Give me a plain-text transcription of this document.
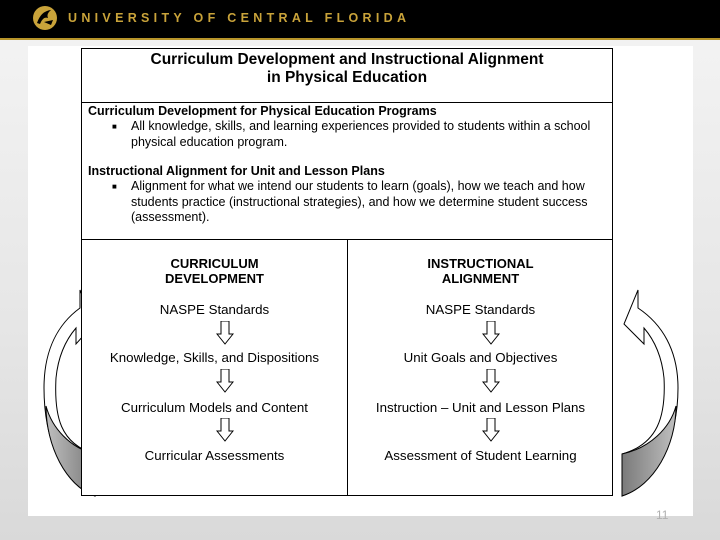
UNIVERSITY OF CENTRAL FLORIDA
Curriculum Development and Instructional Alignment
in Physical Education
Curriculum Development for Physical Education Programs
■ All knowledge, skills, and learning experiences provided to students within a school physical education program.
Instructional Alignment for Unit and Lesson Plans
■ Alignment for what we intend our students to learn (goals), how we teach and how students practice (instructional strategies), and how we determine student success (assessment).
CURRICULUM
DEVELOPMENT
NASPE Standards
Knowledge, Skills, and Dispositions
Curriculum Models and Content
Curricular Assessments
INSTRUCTIONAL
ALIGNMENT
NASPE Standards
Unit Goals and Objectives
Instruction – Unit and Lesson Plans
Assessment of Student Learning
11
